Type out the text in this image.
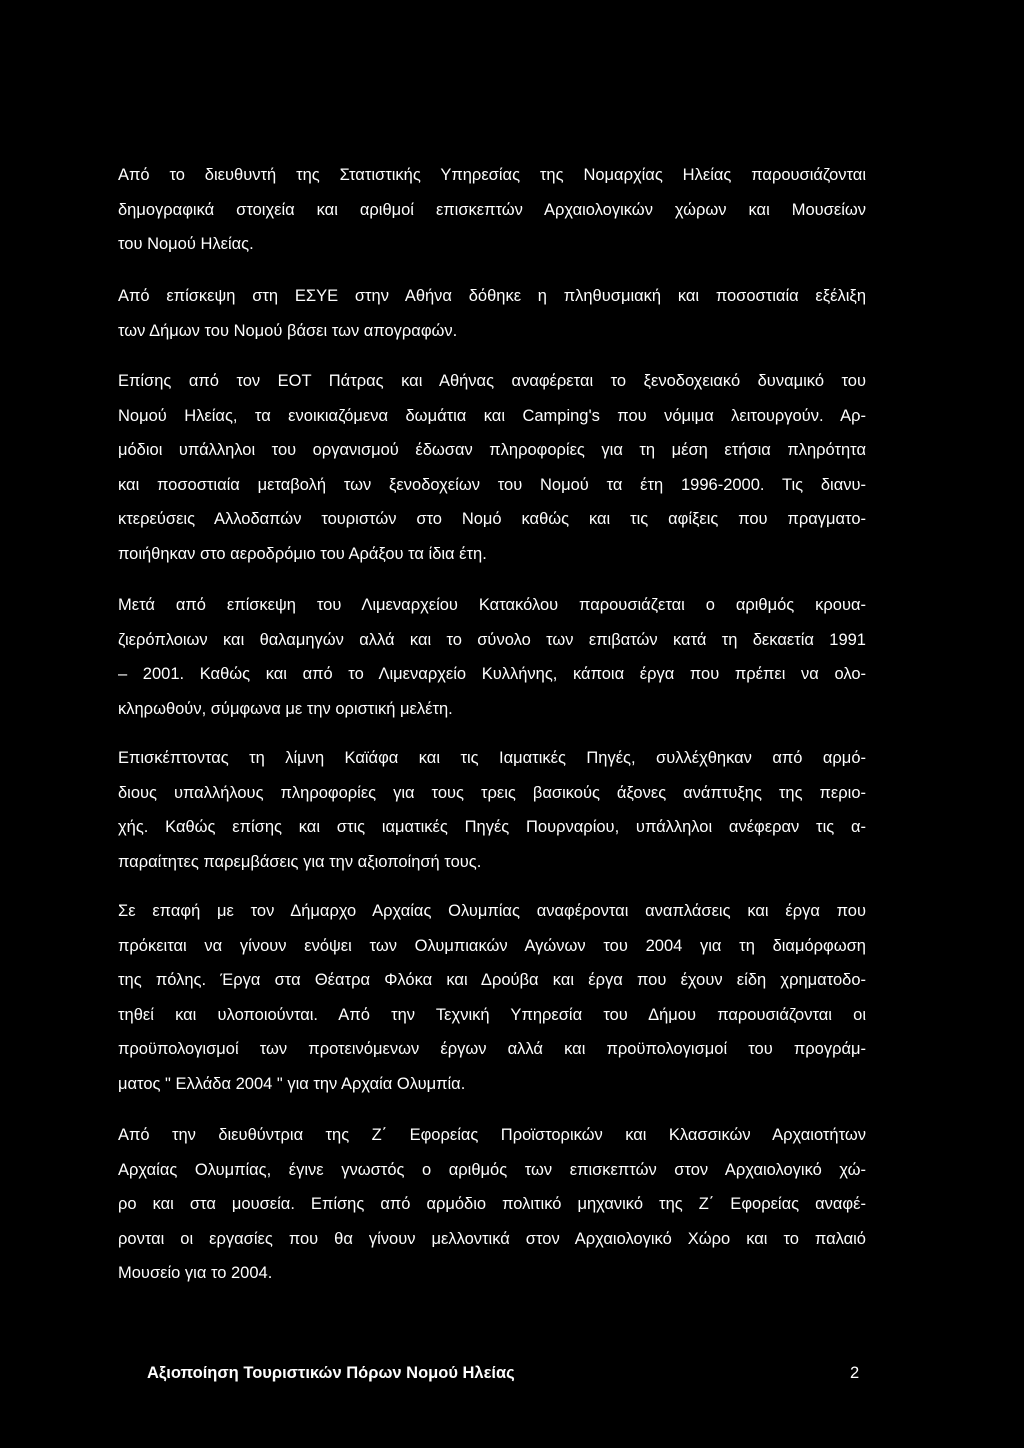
Από το διευθυντή της Στατιστικής Υπηρεσίας της Νομαρχίας Ηλείας παρουσιάζονται
δημογραφικά στοιχεία και αριθμοί επισκεπτών Αρχαιολογικών χώρων και Μουσείων
του Νομού Ηλείας.
Από επίσκεψη στη ΕΣΥΕ στην Αθήνα δόθηκε η πληθυσμιακή και ποσοστιαία εξέλιξη
των Δήμων του Νομού βάσει των απογραφών.
Επίσης από τον ΕΟΤ Πάτρας και Αθήνας αναφέρεται το ξενοδοχειακό δυναμικό του
Νομού Ηλείας, τα ενοικιαζόμενα δωμάτια και Camping's που νόμιμα λειτουργούν. Αρ-
μόδιοι υπάλληλοι του οργανισμού έδωσαν πληροφορίες για τη μέση ετήσια πληρότητα
και ποσοστιαία μεταβολή των ξενοδοχείων του Νομού τα έτη 1996-2000. Τις διανυ-
κτερεύσεις Αλλοδαπών τουριστών στο Νομό καθώς και τις αφίξεις που πραγματο-
ποιήθηκαν στο αεροδρόμιο του Αράξου τα ίδια έτη.
Μετά από επίσκεψη του Λιμεναρχείου Κατακόλου παρουσιάζεται ο αριθμός κρουα-
ζιερόπλοιων και θαλαμηγών αλλά και το σύνολο των επιβατών κατά τη δεκαετία 1991
– 2001. Καθώς και από το Λιμεναρχείο Κυλλήνης, κάποια έργα που πρέπει να ολο-
κληρωθούν, σύμφωνα με την οριστική μελέτη.
Επισκέπτοντας τη λίμνη Καϊάφα και τις Ιαματικές Πηγές, συλλέχθηκαν από αρμό-
διους υπαλλήλους πληροφορίες για τους τρεις βασικούς άξονες ανάπτυξης της περιο-
χής. Καθώς επίσης και στις ιαματικές Πηγές Πουρναρίου, υπάλληλοι ανέφεραν τις α-
παραίτητες παρεμβάσεις για την αξιοποίησή τους.
Σε επαφή με τον Δήμαρχο Αρχαίας Ολυμπίας αναφέρονται αναπλάσεις και έργα που
πρόκειται να γίνουν ενόψει των Ολυμπιακών Αγώνων του 2004 για τη διαμόρφωση
της πόλης. Έργα στα Θέατρα Φλόκα και Δρούβα και έργα που έχουν είδη χρηματοδο-
τηθεί και υλοποιούνται. Από την Τεχνική Υπηρεσία του Δήμου παρουσιάζονται οι
προϋπολογισμοί των προτεινόμενων έργων αλλά και προϋπολογισμοί του προγράμ-
ματος " Ελλάδα 2004 " για την Αρχαία Ολυμπία.
Από την διευθύντρια της Ζ΄ Εφορείας Προϊστορικών και Κλασσικών Αρχαιοτήτων
Αρχαίας Ολυμπίας, έγινε γνωστός ο αριθμός των επισκεπτών στον Αρχαιολογικό χώ-
ρο και στα μουσεία. Επίσης από αρμόδιο πολιτικό μηχανικό της Ζ΄ Εφορείας αναφέ-
ρονται οι εργασίες που θα γίνουν μελλοντικά στον Αρχαιολογικό Χώρο και το παλαιό
Μουσείο για το 2004.
Αξιοποίηση Τουριστικών Πόρων Νομού Ηλείας	2
